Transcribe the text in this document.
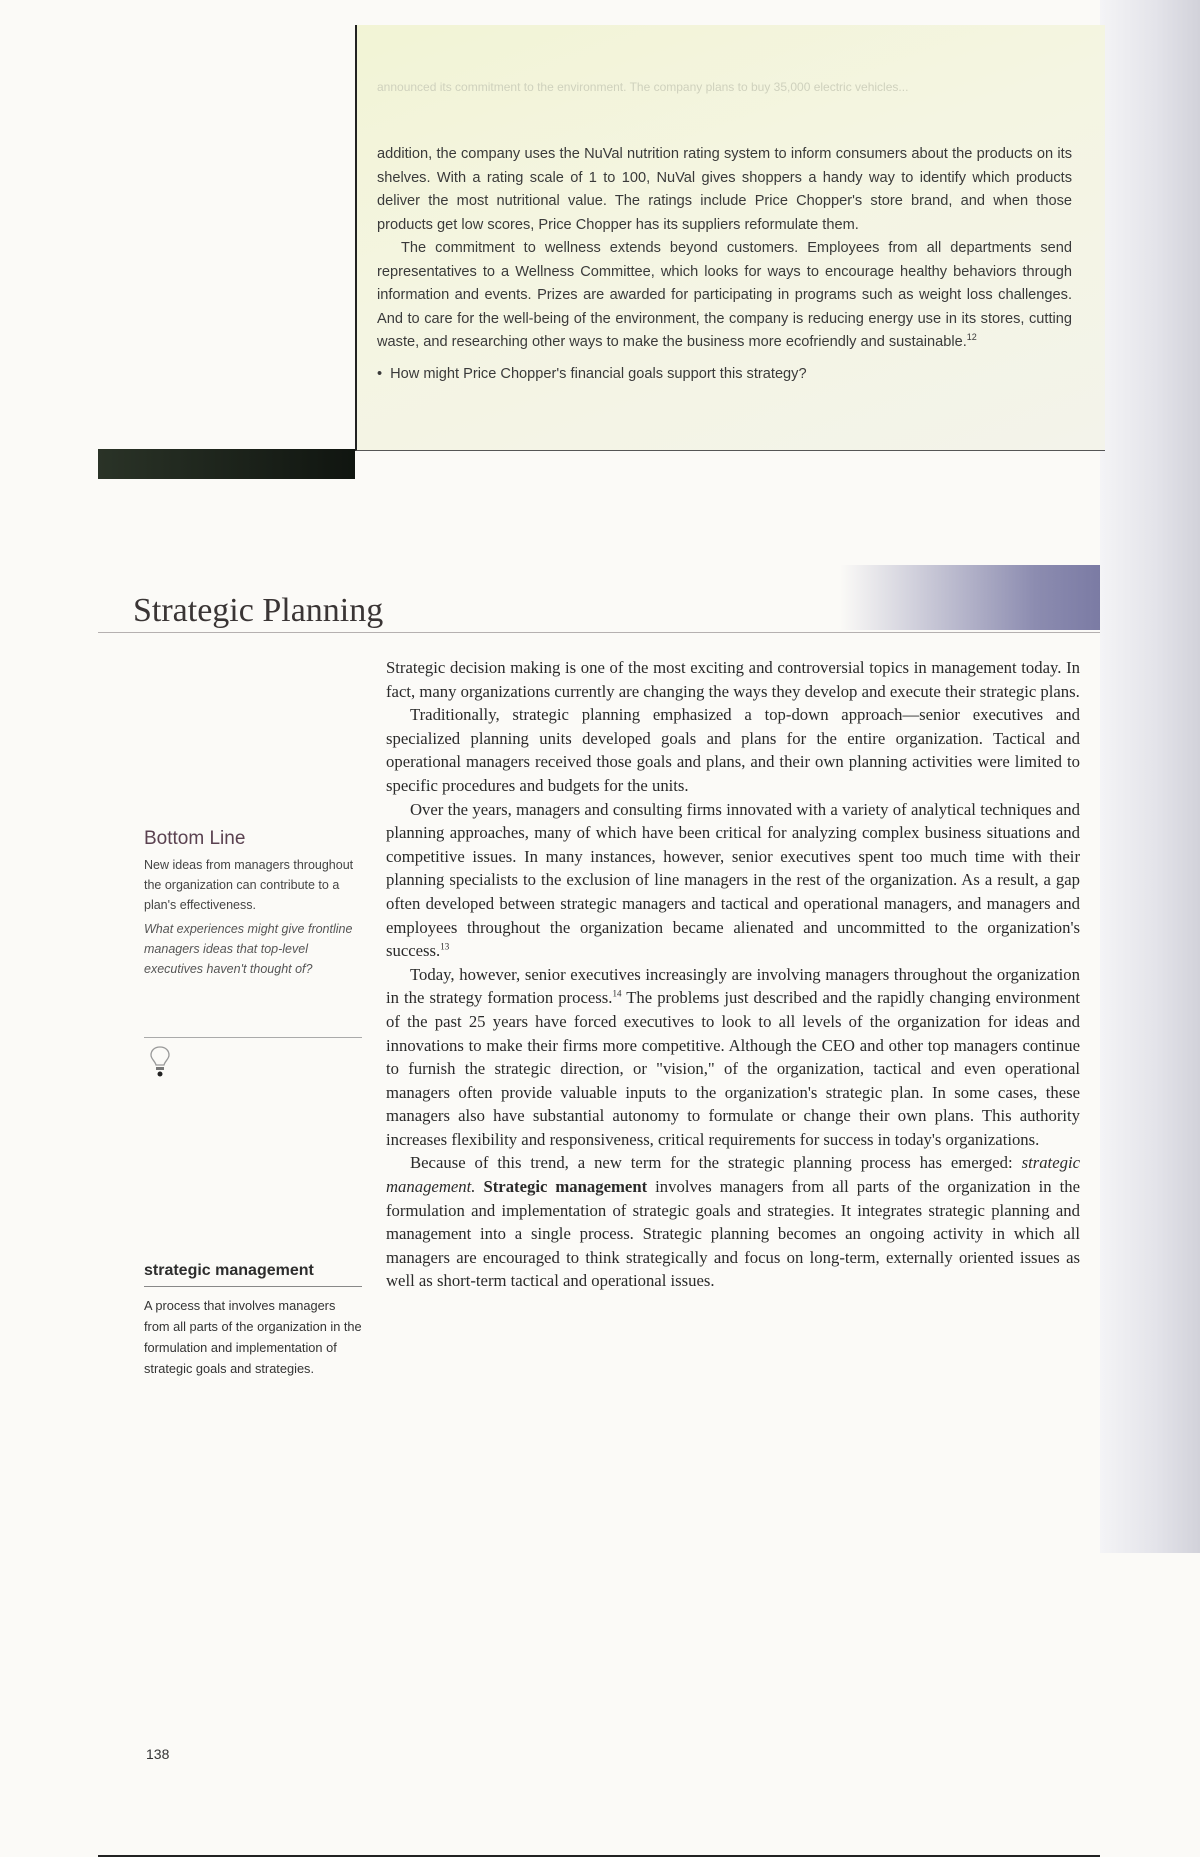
announced its commitment to the environment. The company plans to buy 35,000 electric vehicles...

addition, the company uses the NuVal nutrition rating system to inform consumers about the products on its shelves. With a rating scale of 1 to 100, NuVal gives shoppers a handy way to identify which products deliver the most nutritional value. The ratings include Price Chopper's store brand, and when those products get low scores, Price Chopper has its suppliers reformulate them.

The commitment to wellness extends beyond customers. Employees from all departments send representatives to a Wellness Committee, which looks for ways to encourage healthy behaviors through information and events. Prizes are awarded for participating in programs such as weight loss challenges. And to care for the well-being of the environment, the company is reducing energy use in its stores, cutting waste, and researching other ways to make the business more ecofriendly and sustainable.$^{12}$

• How might Price Chopper's financial goals support this strategy?

Strategic Planning

Strategic decision making is one of the most exciting and controversial topics in management today. In fact, many organizations currently are changing the ways they develop and execute their strategic plans.

Traditionally, strategic planning emphasized a top-down approach—senior executives and specialized planning units developed goals and plans for the entire organization. Tactical and operational managers received those goals and plans, and their own planning activities were limited to specific procedures and budgets for the units.

Over the years, managers and consulting firms innovated with a variety of analytical techniques and planning approaches, many of which have been critical for analyzing complex business situations and competitive issues. In many instances, however, senior executives spent too much time with their planning specialists to the exclusion of line managers in the rest of the organization. As a result, a gap often developed between strategic managers and tactical and operational managers, and managers and employees throughout the organization became alienated and uncommitted to the organization's success.$^{13}$

Today, however, senior executives increasingly are involving managers throughout the organization in the strategy formation process.$^{14}$ The problems just described and the rapidly changing environment of the past 25 years have forced executives to look to all levels of the organization for ideas and innovations to make their firms more competitive. Although the CEO and other top managers continue to furnish the strategic direction, or "vision," of the organization, tactical and even operational managers often provide valuable inputs to the organization's strategic plan. In some cases, these managers also have substantial autonomy to formulate or change their own plans. This authority increases flexibility and responsiveness, critical requirements for success in today's organizations.

Because of this trend, a new term for the strategic planning process has emerged: strategic management. Strategic management involves managers from all parts of the organization in the formulation and implementation of strategic goals and strategies. It integrates strategic planning and management into a single process. Strategic planning becomes an ongoing activity in which all managers are encouraged to think strategically and focus on long-term, externally oriented issues as well as short-term tactical and operational issues.

Bottom Line
New ideas from managers throughout the organization can contribute to a plan's effectiveness.
What experiences might give frontline managers ideas that top-level executives haven't thought of?
strategic management
A process that involves managers from all parts of the organization in the formulation and implementation of strategic goals and strategies.
138
